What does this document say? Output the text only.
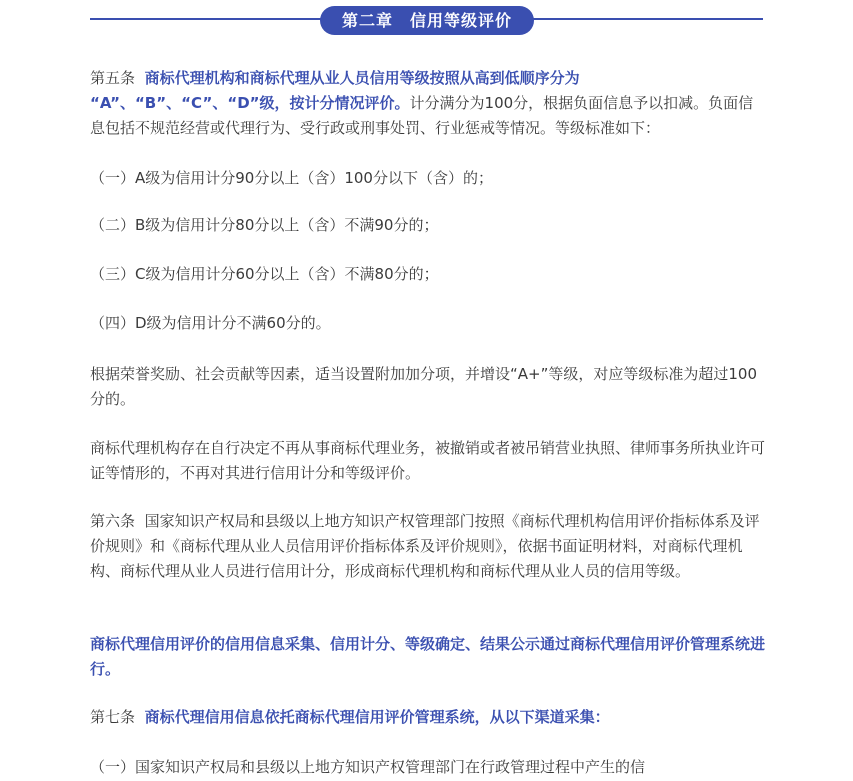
第二章　信用等级评价

第五条 商标代理机构和商标代理从业人员信用等级按照从高到低顺序分为 “A”、“B”、“C”、“D”级，按计分情况评价。计分满分为100分，根据负面信息予以扣减。负面信息包括不规范经营或代理行为、受行政或刑事处罚、行业惩戒等情况。等级标准如下：

（一）A级为信用计分90分以上（含）100分以下（含）的；

（二）B级为信用计分80分以上（含）不满90分的；

（三）C级为信用计分60分以上（含）不满80分的；

（四）D级为信用计分不满60分的。

根据荣誉奖励、社会贡献等因素，适当设置附加加分项，并增设“A+”等级，对应等级标准为超过100分的。

商标代理机构存在自行决定不再从事商标代理业务，被撤销或者被吊销营业执照、律师事务所执业许可证等情形的，不再对其进行信用计分和等级评价。

第六条 国家知识产权局和县级以上地方知识产权管理部门按照《商标代理机构信用评价指标体系及评价规则》和《商标代理从业人员信用评价指标体系及评价规则》，依据书面证明材料，对商标代理机构、商标代理从业人员进行信用计分，形成商标代理机构和商标代理从业人员的信用等级。

商标代理信用评价的信用信息采集、信用计分、等级确定、结果公示通过商标代理信用评价管理系统进行。

第七条 商标代理信用信息依托商标代理信用评价管理系统，从以下渠道采集：

（一）国家知识产权局和县级以上地方知识产权管理部门在行政管理过程中产生的信
